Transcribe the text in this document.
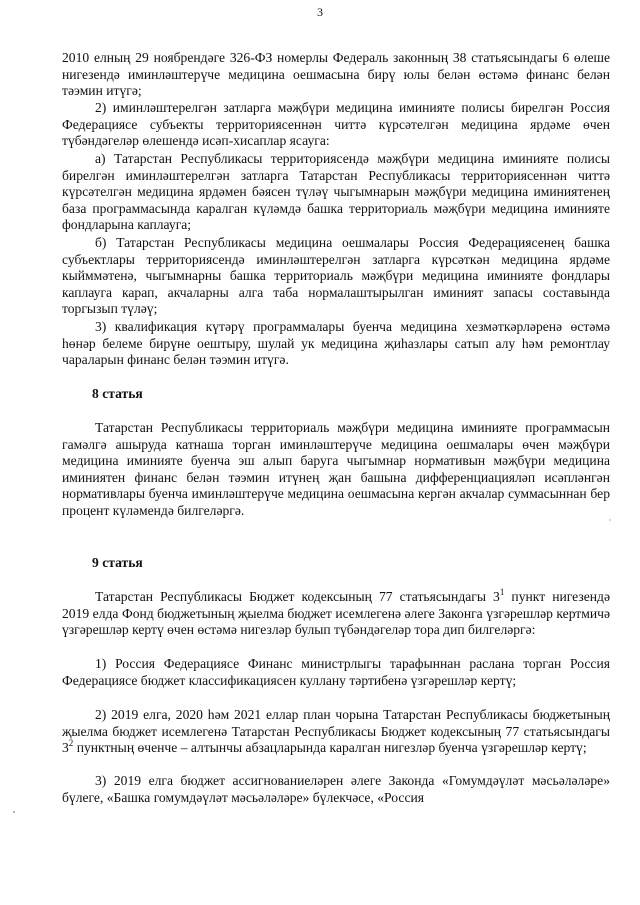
3

2010 елның 29 ноябрендәге 326-ФЗ номерлы Федераль законның 38 статьясындагы 6 өлеше нигезендә иминләштерүче медицина оешмасына бирү юлы белән өстәмә финанс белән тәэмин итүгә;

2) иминләштерелгән затларга мәҗбүри медицина иминияте полисы бирелгән Россия Федерациясе субъекты территориясеннән читтә күрсәтелгән медицина ярдәме өчен түбәндәгеләр өлешендә исәп-хисаплар ясауга:

а) Татарстан Республикасы территориясендә мәҗбүри медицина иминияте полисы бирелгән иминләштерелгән затларга Татарстан Республикасы территориясеннән читтә күрсәтелгән медицина ярдәмен бәясен түләү чыгымнарын мәҗбүри медицина иминиятенең база программасында каралган күләмдә башка территориаль мәҗбүри медицина иминияте фондларына каплауга;

б) Татарстан Республикасы медицина оешмалары Россия Федерациясенең башка субъектлары территориясендә иминләштерелгән затларга күрсәткән медицина ярдәме кыйммәтенә, чыгымнарны башка территориаль мәҗбүри медицина иминияте фондлары каплауга карап, акчаларны алга таба нормалаштырылган иминият запасы составында торгызып түләү;

3) квалификация күтәрү программалары буенча медицина хезмәткәрләренә өстәмә һөнәр белеме бирүне оештыру, шулай ук медицина җиһазлары сатып алу һәм ремонтлау чараларын финанс белән тәэмин итүгә.

8 статья

Татарстан Республикасы территориаль мәҗбүри медицина иминияте программасын гамәлгә ашыруда катнаша торган иминләштерүче медицина оешмалары өчен мәҗбүри медицина иминияте буенча эш алып баруга чыгымнар нормативын мәҗбүри медицина иминиятен финанс белән тәэмин итүнең җан башына дифференциацияләп исәпләнгән нормативлары буенча иминләштерүче медицина оешмасына кергән акчалар суммасыннан бер процент күләмендә билгеләргә.

9 статья

Татарстан Республикасы Бюджет кодексының 77 статьясындагы $3^1$ пункт нигезендә 2019 елда Фонд бюджетының җыелма бюджет исемлегенә әлеге Законга үзгәрешләр кертмичә үзгәрешләр кертү өчен өстәмә нигезләр булып түбәндәгеләр тора дип билгеләргә:

1) Россия Федерациясе Финанс министрлыгы тарафыннан раслана торган Россия Федерациясе бюджет классификациясен куллану тәртибенә үзгәрешләр кертү;

2) 2019 елга, 2020 һәм 2021 еллар план чорына Татарстан Республикасы бюджетының җыелма бюджет исемлегенә Татарстан Республикасы Бюджет кодексының 77 статьясындагы $3^2$ пунктның өченче – алтынчы абзацларында каралган нигезләр буенча үзгәрешләр кертү;

3) 2019 елга бюджет ассигнованиеләрен әлеге Законда «Гомумдәүләт мәсьәләләре» бүлеге, «Башка гомумдәүләт мәсьәләләре» бүлекчәсе, «Россия
